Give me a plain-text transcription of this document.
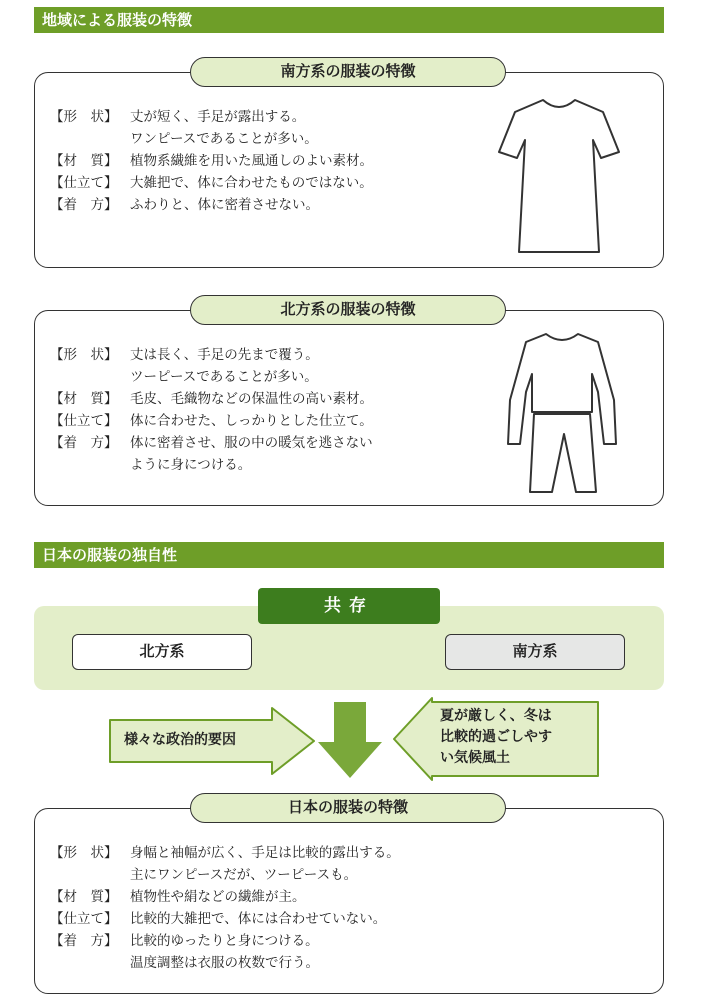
地域による服装の特徴
南方系の服装の特徴
【形　状】 丈が短く、手足が露出する。
ワンピースであることが多い。
【材　質】 植物系繊維を用いた風通しのよい素材。
【仕立て】 大雑把で、体に合わせたものではない。
【着　方】 ふわりと、体に密着させない。
北方系の服装の特徴
【形　状】 丈は長く、手足の先まで覆う。
ツーピースであることが多い。
【材　質】 毛皮、毛織物などの保温性の高い素材。
【仕立て】 体に合わせた、しっかりとした仕立て。
【着　方】 体に密着させ、服の中の暖気を逃さない
ように身につける。
日本の服装の独自性
共存
北方系	南方系
様々な政治的要因
夏が厳しく、冬は
比較的過ごしやす
い気候風土
日本の服装の特徴
【形　状】 身幅と袖幅が広く、手足は比較的露出する。
主にワンピースだが、ツーピースも。
【材　質】 植物性や絹などの繊維が主。
【仕立て】 比較的大雑把で、体には合わせていない。
【着　方】 比較的ゆったりと身につける。
温度調整は衣服の枚数で行う。
